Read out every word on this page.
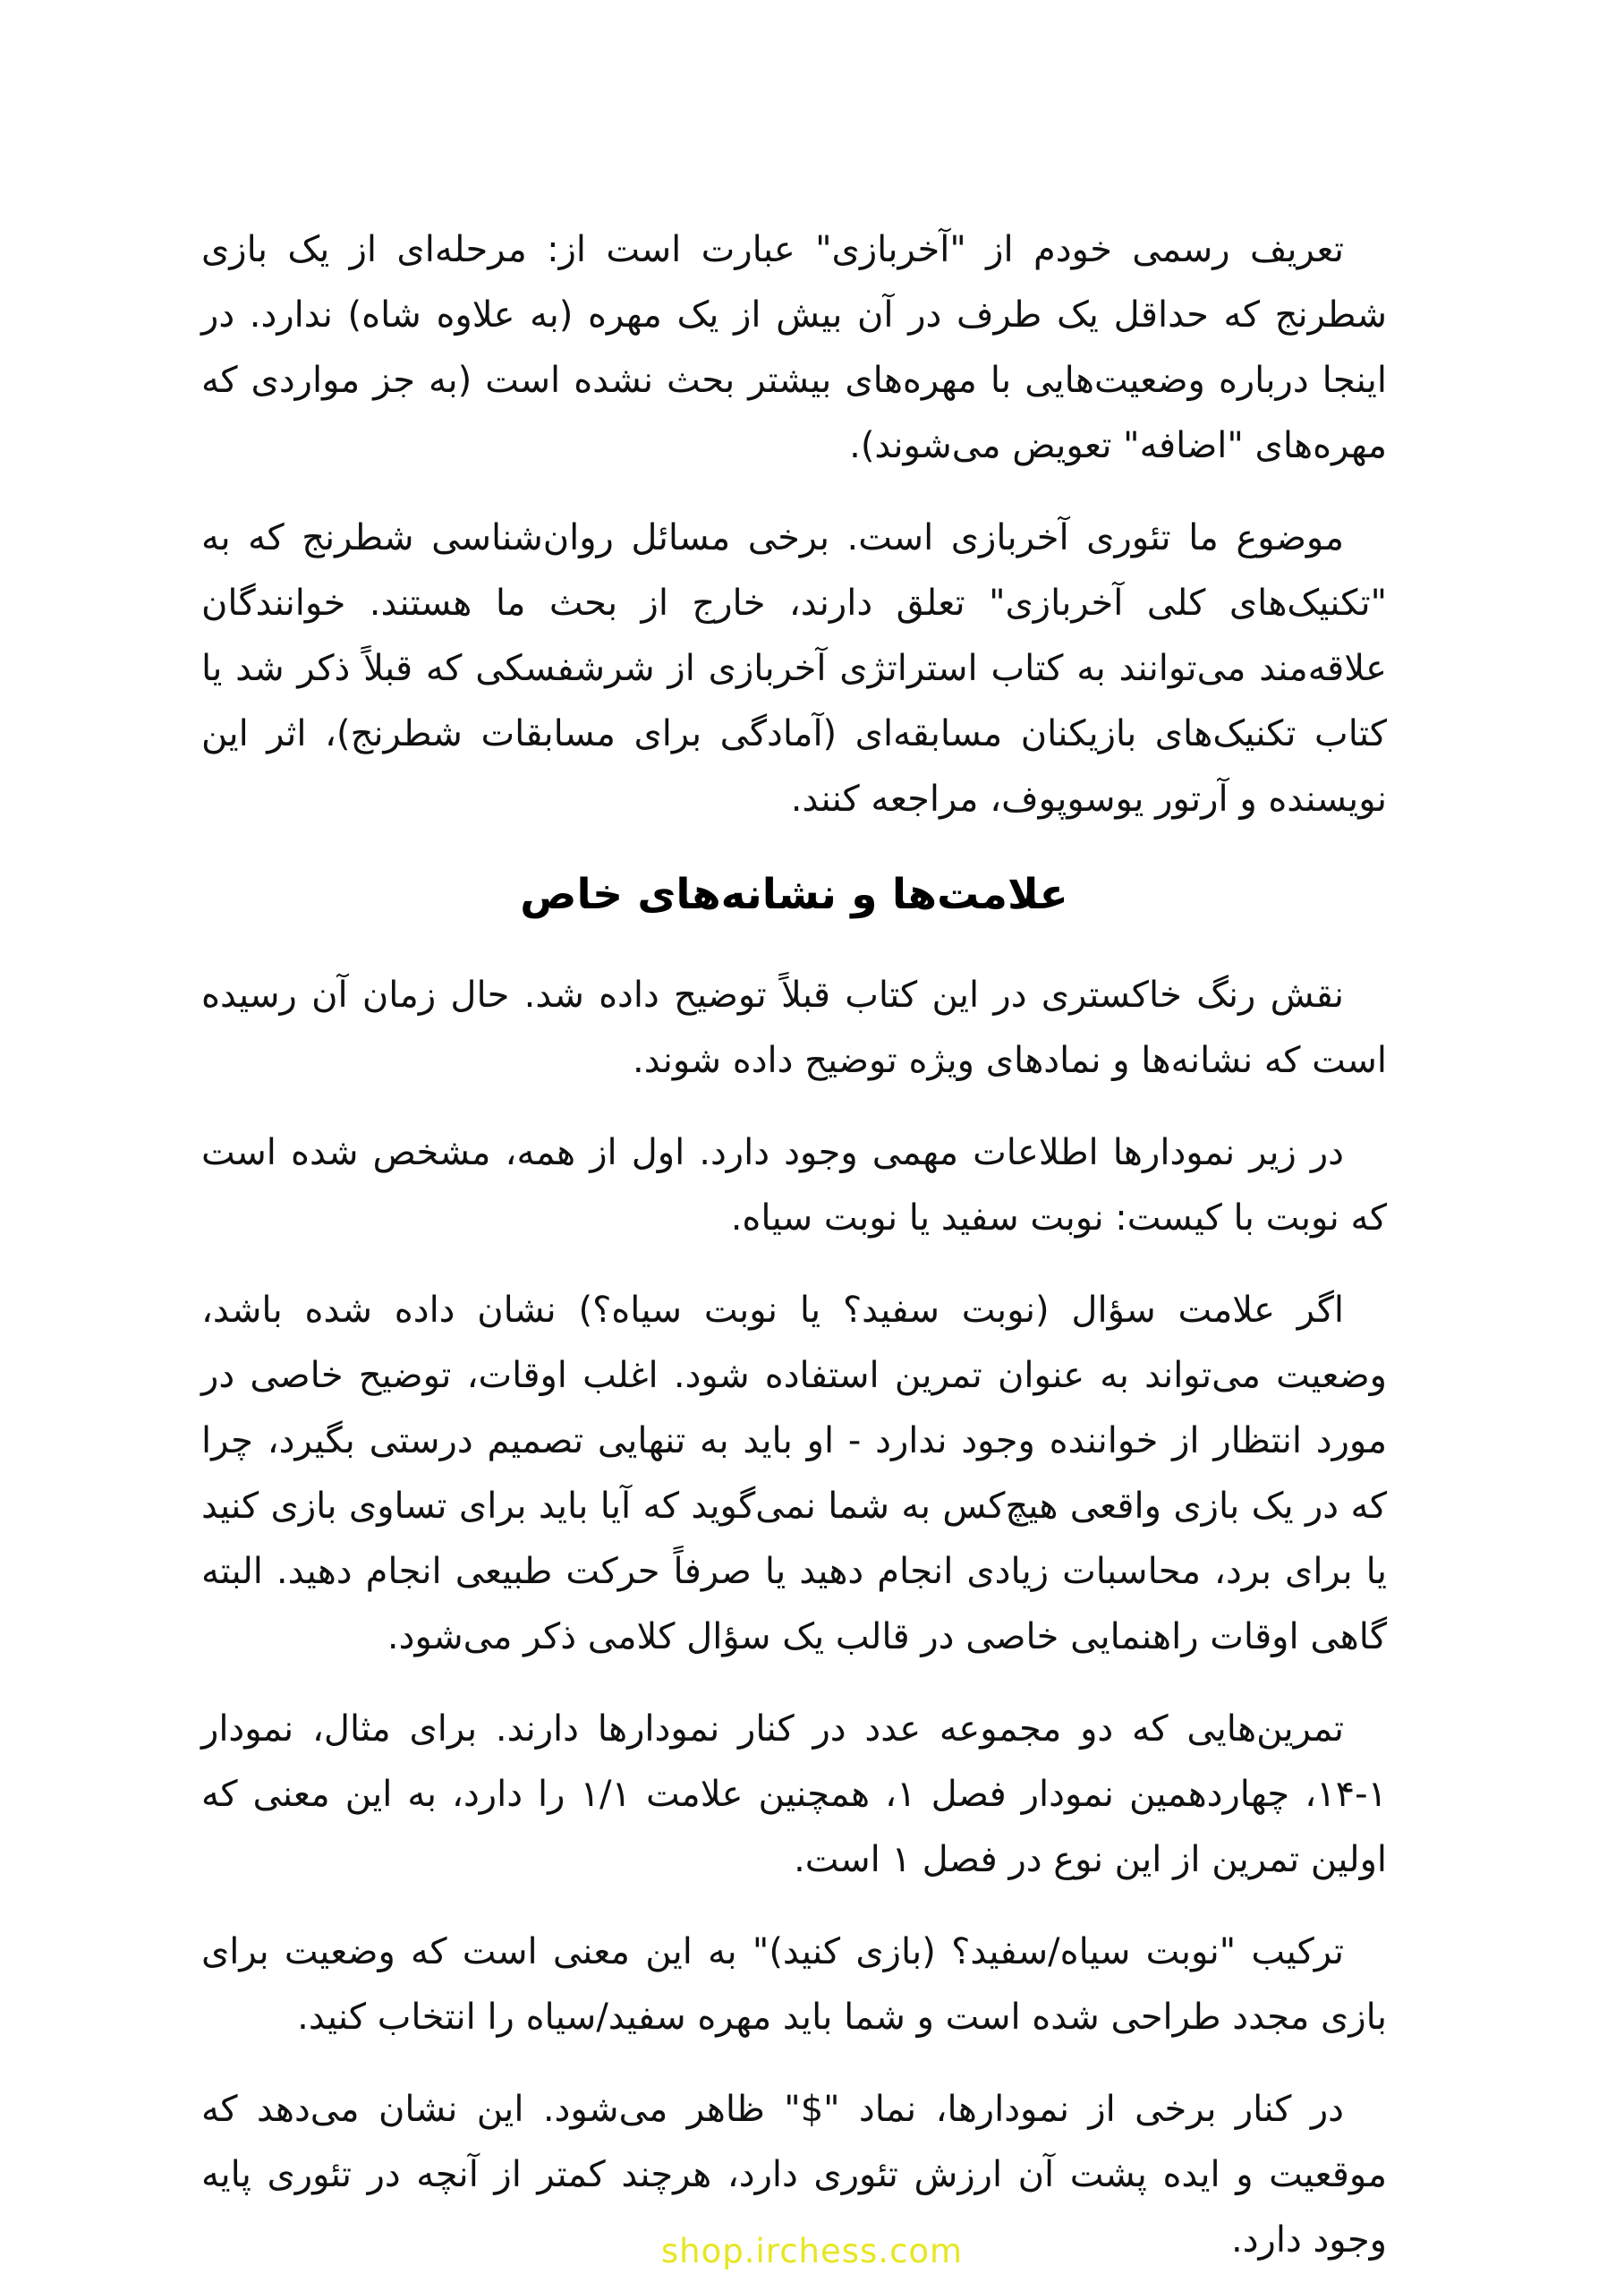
تعریف رسمی خودم از "آخربازی" عبارت است از: مرحله‌ای از یک بازی شطرنج که حداقل یک طرف در آن بیش از یک مهره (به علاوه شاه) ندارد. در اینجا درباره وضعیت‌هایی با مهره‌های بیشتر بحث نشده است (به جز مواردی که مهره‌های "اضافه" تعویض می‌شوند).

موضوع ما تئوری آخربازی است. برخی مسائل روان‌شناسی شطرنج که به "تکنیک‌های کلی آخربازی" تعلق دارند، خارج از بحث ما هستند. خوانندگان علاقه‌مند می‌توانند به کتاب استراتژی آخربازی از شرشفسکی که قبلاً ذکر شد یا کتاب تکنیک‌های بازیکنان مسابقه‌ای (آمادگی برای مسابقات شطرنج)، اثر این نویسنده و آرتور یوسوپوف، مراجعه کنند.

علامت‌ها و نشانه‌های خاص

نقش رنگ خاکستری در این کتاب قبلاً توضیح داده شد. حال زمان آن رسیده است که نشانه‌ها و نمادهای ویژه توضیح داده شوند.

در زیر نمودارها اطلاعات مهمی وجود دارد. اول از همه، مشخص شده است که نوبت با کیست: نوبت سفید یا نوبت سیاه.

اگر علامت سؤال (نوبت سفید؟ یا نوبت سیاه؟) نشان داده شده باشد، وضعیت می‌تواند به عنوان تمرین استفاده شود. اغلب اوقات، توضیح خاصی در مورد انتظار از خواننده وجود ندارد - او باید به تنهایی تصمیم درستی بگیرد، چرا که در یک بازی واقعی هیچ‌کس به شما نمی‌گوید که آیا باید برای تساوی بازی کنید یا برای برد، محاسبات زیادی انجام دهید یا صرفاً حرکت طبیعی انجام دهید. البته گاهی اوقات راهنمایی خاصی در قالب یک سؤال کلامی ذکر می‌شود.

تمرین‌هایی که دو مجموعه عدد در کنار نمودارها دارند. برای مثال، نمودار ۱-۱۴، چهاردهمین نمودار فصل ۱، همچنین علامت ۱/۱ را دارد، به این معنی که اولین تمرین از این نوع در فصل ۱ است.

ترکیب "نوبت سیاه/سفید؟ (بازی کنید)" به این معنی است که وضعیت برای بازی مجدد طراحی شده است و شما باید مهره سفید/سیاه را انتخاب کنید.

در کنار برخی از نمودارها، نماد "$" ظاهر می‌شود. این نشان می‌دهد که موقعیت و ایده پشت آن ارزش تئوری دارد، هرچند کمتر از آنچه در تئوری پایه وجود دارد.

shop.irchess.com
